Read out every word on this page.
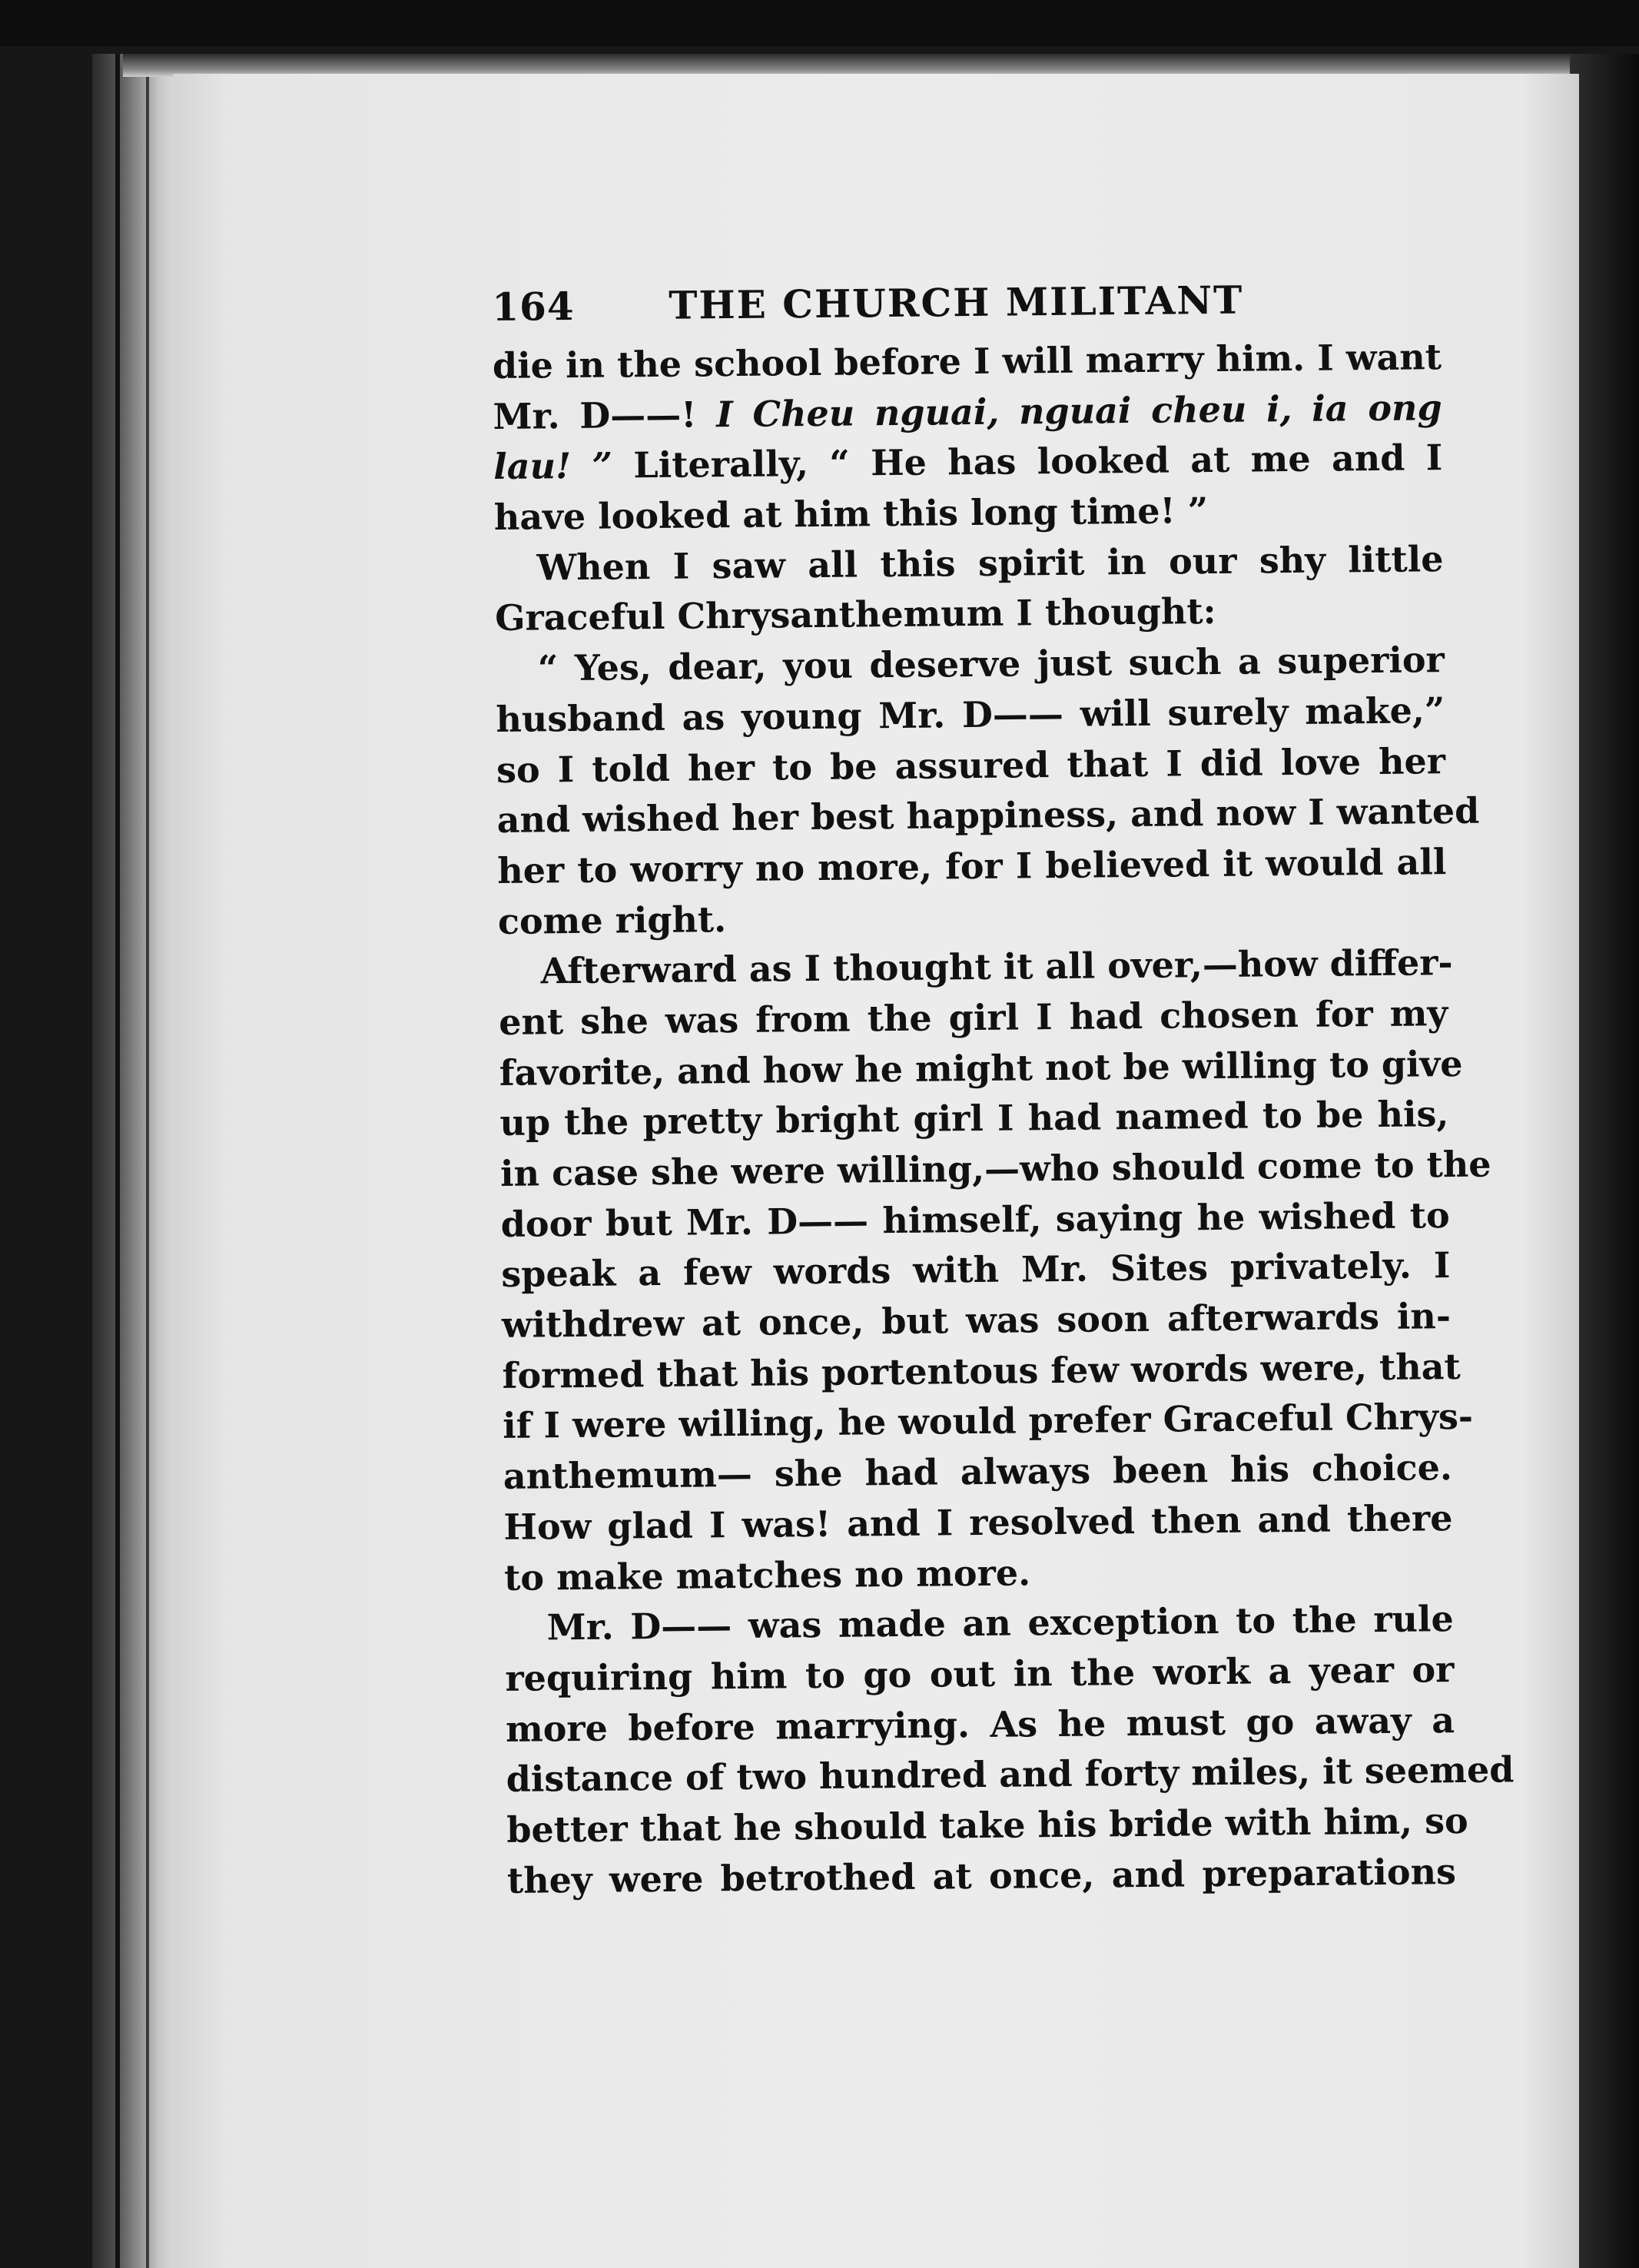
164 THE CHURCH MILITANT
die in the school before I will marry him. I want
Mr. D——! I Cheu nguai, nguai cheu i, ia ong
lau! ” Literally, “ He has looked at me and I
have looked at him this long time! ”
When I saw all this spirit in our shy little
Graceful Chrysanthemum I thought:
“ Yes, dear, you deserve just such a superior
husband as young Mr. D—— will surely make,”
so I told her to be assured that I did love her
and wished her best happiness, and now I wanted
her to worry no more, for I believed it would all
come right.
Afterward as I thought it all over,—how differ-
ent she was from the girl I had chosen for my
favorite, and how he might not be willing to give
up the pretty bright girl I had named to be his,
in case she were willing,—who should come to the
door but Mr. D—— himself, saying he wished to
speak a few words with Mr. Sites privately. I
withdrew at once, but was soon afterwards in-
formed that his portentous few words were, that
if I were willing, he would prefer Graceful Chrys-
anthemum— she had always been his choice.
How glad I was! and I resolved then and there
to make matches no more.
Mr. D—— was made an exception to the rule
requiring him to go out in the work a year or
more before marrying. As he must go away a
distance of two hundred and forty miles, it seemed
better that he should take his bride with him, so
they were betrothed at once, and preparations
